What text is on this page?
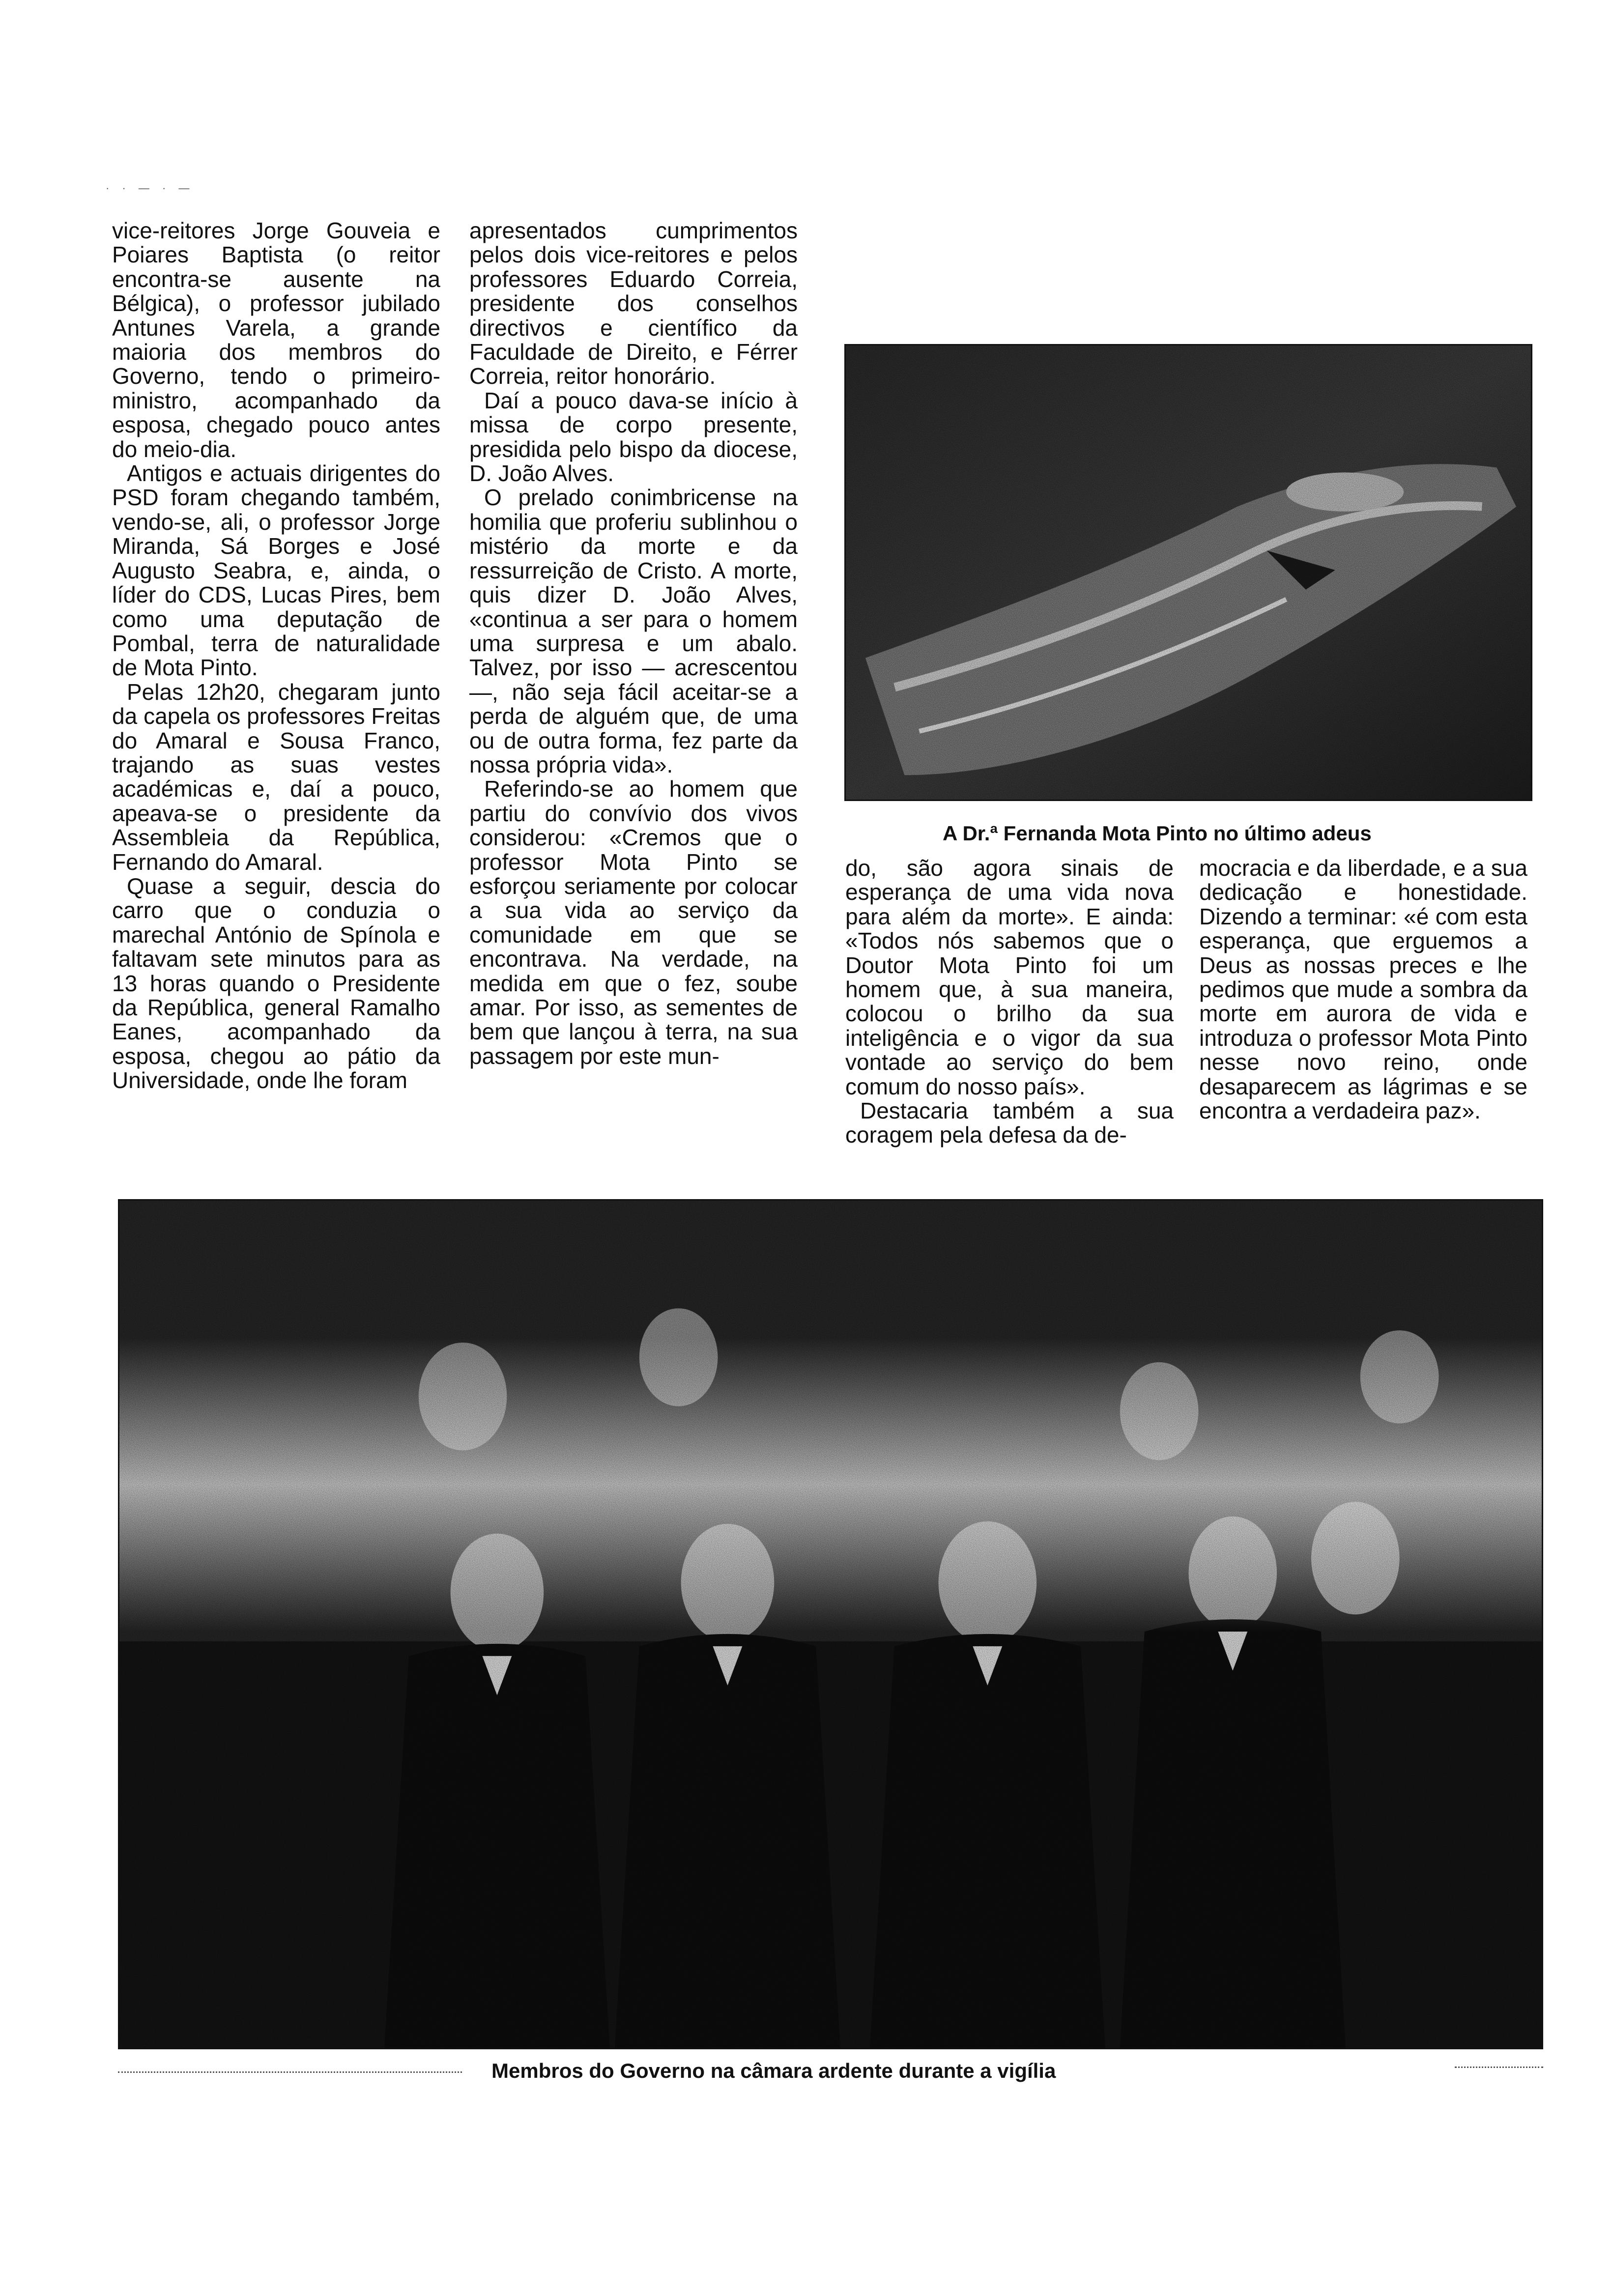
· · — · —

vice-reitores Jorge Gouveia e Poiares Baptista (o reitor encontra-se ausente na Bélgica), o professor jubilado Antunes Varela, a grande maioria dos membros do Governo, tendo o primeiro-ministro, acompanhado da esposa, chegado pouco antes do meio-dia.

Antigos e actuais dirigentes do PSD foram chegando também, vendo-se, ali, o professor Jorge Miranda, Sá Borges e José Augusto Seabra, e, ainda, o líder do CDS, Lucas Pires, bem como uma deputação de Pombal, terra de naturalidade de Mota Pinto.

Pelas 12h20, chegaram junto da capela os professores Freitas do Amaral e Sousa Franco, trajando as suas vestes académicas e, daí a pouco, apeava-se o presidente da Assembleia da República, Fernando do Amaral.

Quase a seguir, descia do carro que o conduzia o marechal António de Spínola e faltavam sete minutos para as 13 horas quando o Presidente da República, general Ramalho Eanes, acompanhado da esposa, chegou ao pátio da Universidade, onde lhe foram

apresentados cumprimentos pelos dois vice-reitores e pelos professores Eduardo Correia, presidente dos conselhos directivos e científico da Faculdade de Direito, e Férrer Correia, reitor honorário.

Daí a pouco dava-se início à missa de corpo presente, presidida pelo bispo da diocese, D. João Alves.

O prelado conimbricense na homilia que proferiu sublinhou o mistério da morte e da ressurreição de Cristo. A morte, quis dizer D. João Alves, «continua a ser para o homem uma surpresa e um abalo. Talvez, por isso — acrescentou —, não seja fácil aceitar-se a perda de alguém que, de uma ou de outra forma, fez parte da nossa própria vida».

Referindo-se ao homem que partiu do convívio dos vivos considerou: «Cremos que o professor Mota Pinto se esforçou seriamente por colocar a sua vida ao serviço da comunidade em que se encontrava. Na verdade, na medida em que o fez, soube amar. Por isso, as sementes de bem que lançou à terra, na sua passagem por este mun-

A Dr.ª Fernanda Mota Pinto no último adeus

do, são agora sinais de esperança de uma vida nova para além da morte». E ainda: «Todos nós sabemos que o Doutor Mota Pinto foi um homem que, à sua maneira, colocou o brilho da sua inteligência e o vigor da sua vontade ao serviço do bem comum do nosso país».

Destacaria também a sua coragem pela defesa da de-

mocracia e da liberdade, e a sua dedicação e honestidade. Dizendo a terminar: «é com esta esperança, que erguemos a Deus as nossas preces e lhe pedimos que mude a sombra da morte em aurora de vida e introduza o professor Mota Pinto nesse novo reino, onde desaparecem as lágrimas e se encontra a verdadeira paz».

Membros do Governo na câmara ardente durante a vigília
